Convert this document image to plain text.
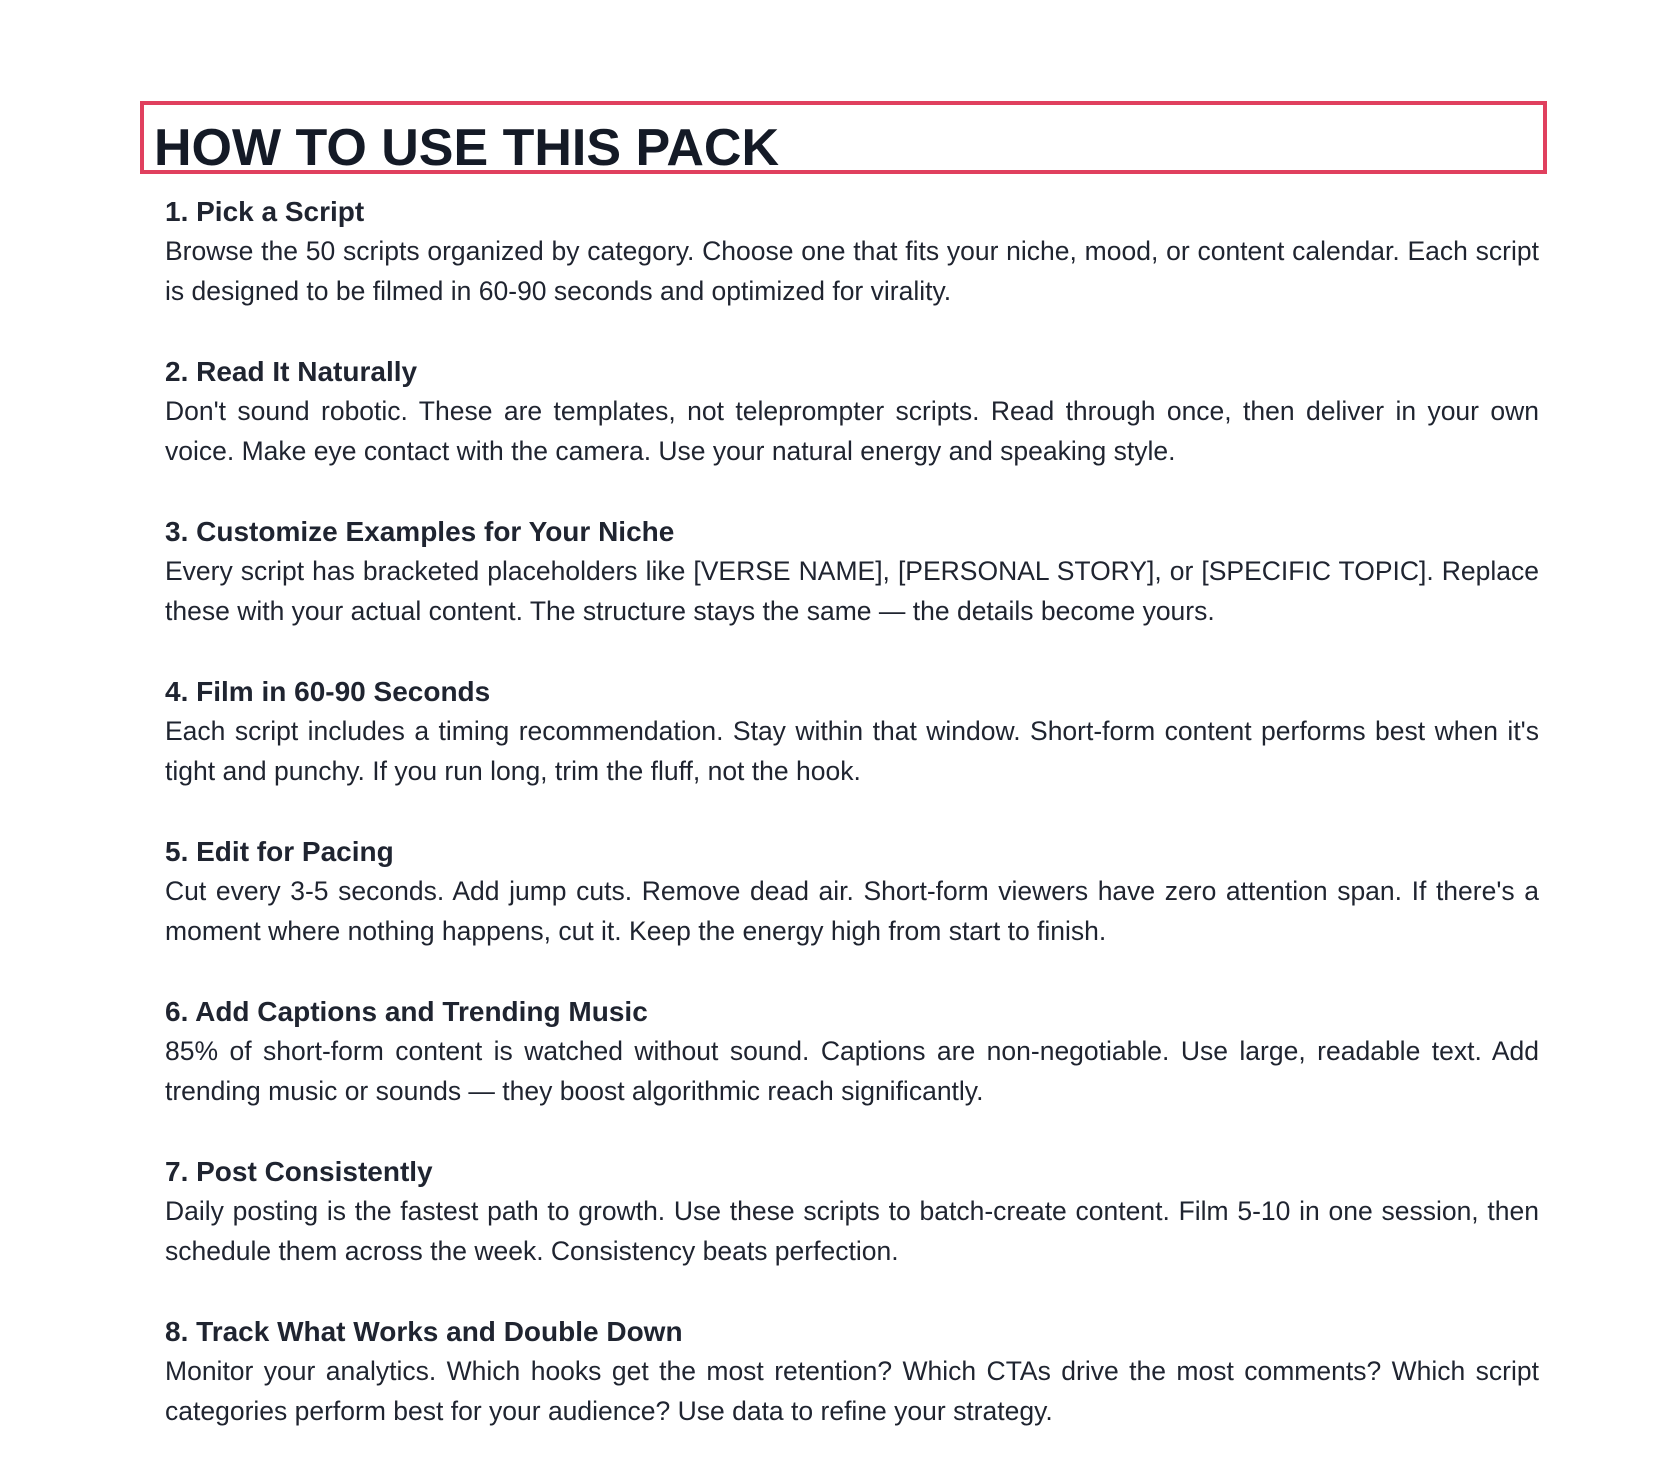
HOW TO USE THIS PACK

1. Pick a Script

Browse the 50 scripts organized by category. Choose one that fits your niche, mood, or content calendar. Each script is designed to be filmed in 60-90 seconds and optimized for virality.

2. Read It Naturally

Don't sound robotic. These are templates, not teleprompter scripts. Read through once, then deliver in your own voice. Make eye contact with the camera. Use your natural energy and speaking style.

3. Customize Examples for Your Niche

Every script has bracketed placeholders like [VERSE NAME], [PERSONAL STORY], or [SPECIFIC TOPIC]. Replace these with your actual content. The structure stays the same — the details become yours.

4. Film in 60-90 Seconds

Each script includes a timing recommendation. Stay within that window. Short-form content performs best when it's tight and punchy. If you run long, trim the fluff, not the hook.

5. Edit for Pacing

Cut every 3-5 seconds. Add jump cuts. Remove dead air. Short-form viewers have zero attention span. If there's a moment where nothing happens, cut it. Keep the energy high from start to finish.

6. Add Captions and Trending Music

85% of short-form content is watched without sound. Captions are non-negotiable. Use large, readable text. Add trending music or sounds — they boost algorithmic reach significantly.

7. Post Consistently

Daily posting is the fastest path to growth. Use these scripts to batch-create content. Film 5-10 in one session, then schedule them across the week. Consistency beats perfection.

8. Track What Works and Double Down

Monitor your analytics. Which hooks get the most retention? Which CTAs drive the most comments? Which script categories perform best for your audience? Use data to refine your strategy.
